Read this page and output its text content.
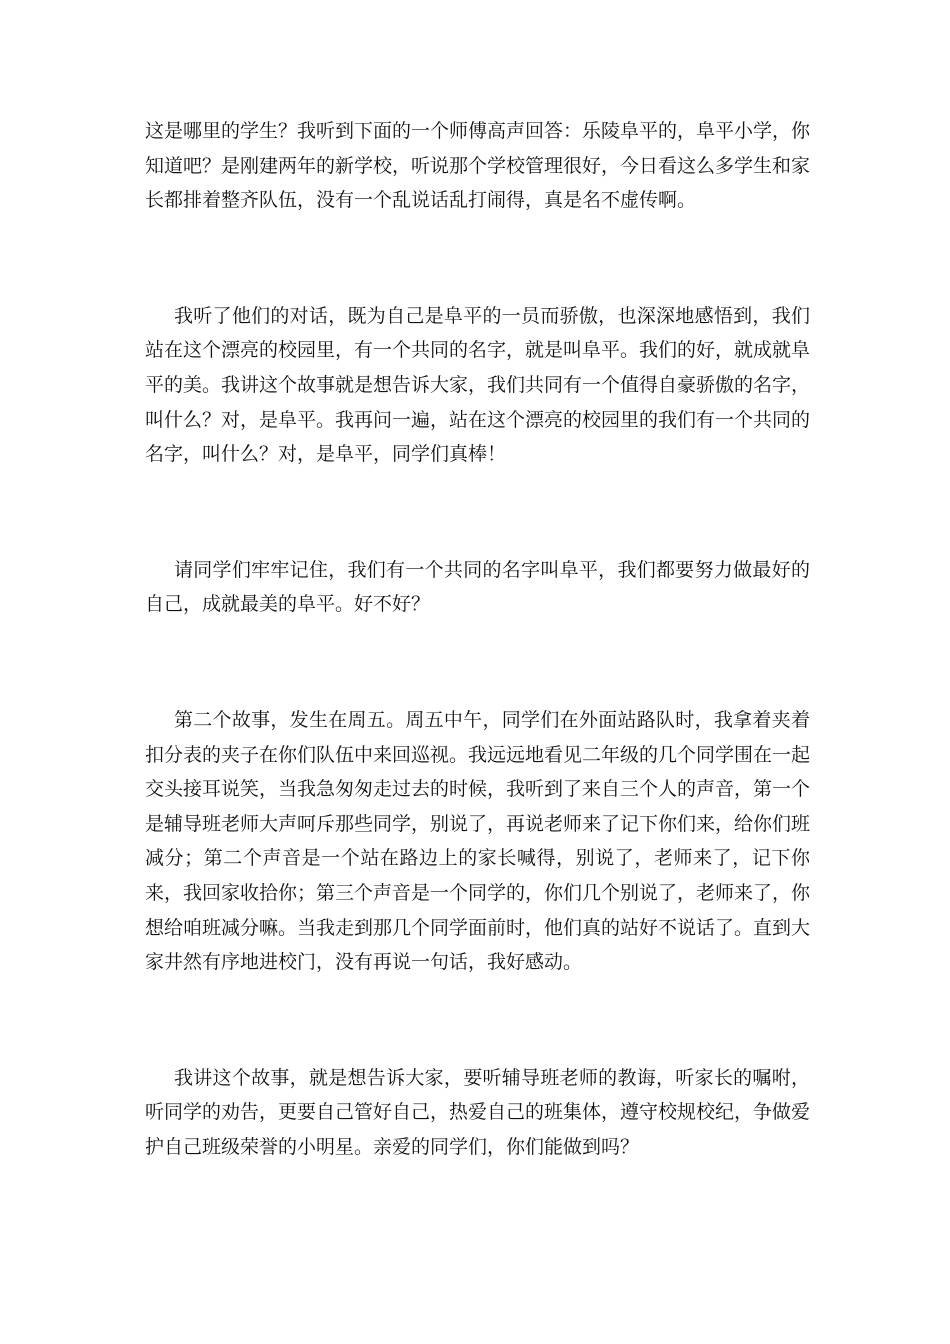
这是哪里的学生？我听到下面的一个师傅高声回答：乐陵阜平的，阜平小学，你知道吧？是刚建两年的新学校，听说那个学校管理很好，今日看这么多学生和家长都排着整齐队伍，没有一个乱说话乱打闹得，真是名不虚传啊。

我听了他们的对话，既为自己是阜平的一员而骄傲，也深深地感悟到，我们站在这个漂亮的校园里，有一个共同的名字，就是叫阜平。我们的好，就成就阜平的美。我讲这个故事就是想告诉大家，我们共同有一个值得自豪骄傲的名字，叫什么？对，是阜平。我再问一遍，站在这个漂亮的校园里的我们有一个共同的名字，叫什么？对，是阜平，同学们真棒！

请同学们牢牢记住，我们有一个共同的名字叫阜平，我们都要努力做最好的自己，成就最美的阜平。好不好？

第二个故事，发生在周五。周五中午，同学们在外面站路队时，我拿着夹着扣分表的夹子在你们队伍中来回巡视。我远远地看见二年级的几个同学围在一起交头接耳说笑，当我急匆匆走过去的时候，我听到了来自三个人的声音，第一个是辅导班老师大声呵斥那些同学，别说了，再说老师来了记下你们来，给你们班减分；第二个声音是一个站在路边上的家长喊得，别说了，老师来了，记下你来，我回家收拾你；第三个声音是一个同学的，你们几个别说了，老师来了，你想给咱班减分嘛。当我走到那几个同学面前时，他们真的站好不说话了。直到大家井然有序地进校门，没有再说一句话，我好感动。

我讲这个故事，就是想告诉大家，要听辅导班老师的教诲，听家长的嘱咐，听同学的劝告，更要自己管好自己，热爱自己的班集体，遵守校规校纪，争做爱护自己班级荣誉的小明星。亲爱的同学们，你们能做到吗？
